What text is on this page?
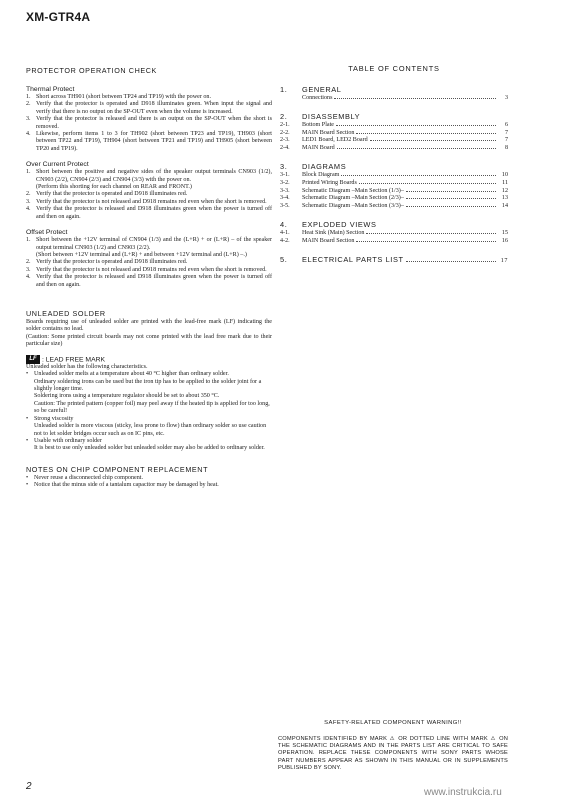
XM-GTR4A
PROTECTOR OPERATION CHECK
Thermal Protect
1. Short across TH901 (short between TP24 and TP19) with the power on.
2. Verify that the protector is operated and D918 illuminates green. When input the signal and verify that there is no output on the SP-OUT even when the volume is increased.
3. Verify that the protector is released and there is an output on the SP-OUT when the short is removed.
4. Likewise, perform items 1 to 3 for TH902 (short between TP23 and TP19), TH903 (short between TP22 and TP19), TH904 (short between TP21 and TP19) and TH905 (short between TP20 and TP19).
Over Current Protect
1. Short between the positive and negative sides of the speaker output terminals CN903 (1/2), CN903 (2/2), CN904 (2/3) and CN904 (3/3) with the power on.
(Perform this shorting for each channel on REAR and FRONT.)
2. Verify that the protector is operated and D918 illuminates red.
3. Verify that the protector is not released and D918 remains red even when the short is removed.
4. Verify that the protector is released and D918 illuminates green when the power is turned off and then on again.
Offset Protect
1. Short between the +12V terminal of CN904 (1/3) and the (L+R) + or (L+R) – of the speaker output terminal CN903 (1/2) and CN903 (2/2).
(Short between +12V terminal and (L+R) + and between +12V terminal and (L+R) –.)
2. Verify that the protector is operated and D918 illuminates red.
3. Verify that the protector is not released and D918 remains red even when the short is removed.
4. Verify that the protector is released and D918 illuminates green when the power is turned off and then on again.
UNLEADED SOLDER
Boards requiring use of unleaded solder are printed with the lead-free mark (LF) indicating the solder contains no lead.
(Caution: Some printed circuit boards may not come printed with the lead free mark due to their particular size)
LF : LEAD FREE MARK
Unleaded solder has the following characteristics.
• Unleaded solder melts at a temperature about 40 °C higher than ordinary solder.
Ordinary soldering irons can be used but the iron tip has to be applied to the solder joint for a slightly longer time.
Soldering irons using a temperature regulator should be set to about 350 °C.
Caution: The printed pattern (copper foil) may peel away if the heated tip is applied for too long, so be careful!
• Strong viscosity
Unleaded solder is more viscous (sticky, less prone to flow) than ordinary solder so use caution not to let solder bridges occur such as on IC pins, etc.
• Usable with ordinary solder
It is best to use only unleaded solder but unleaded solder may also be added to ordinary solder.
NOTES ON CHIP COMPONENT REPLACEMENT
• Never reuse a disconnected chip component.
• Notice that the minus side of a tantalum capacitor may be damaged by heat.
TABLE OF CONTENTS
1.	GENERAL
Connections	3
2.	DISASSEMBLY
2-1.	Bottom Plate	6
2-2.	MAIN Board Section	7
2-3.	LED1 Board, LED2 Board	7
2-4.	MAIN Board	8
3.	DIAGRAMS
3-1.	Block Diagram	10
3-2.	Printed Wiring Boards	11
3-3.	Schematic Diagram –Main Section (1/3)–	12
3-4.	Schematic Diagram –Main Section (2/3)–	13
3-5.	Schematic Diagram –Main Section (3/3)–	14
4.	EXPLODED VIEWS
4-1.	Heat Sink (Main) Section	15
4-2.	MAIN Board Section	16
5.	ELECTRICAL PARTS LIST	17
SAFETY-RELATED COMPONENT WARNING!!
COMPONENTS IDENTIFIED BY MARK ⚠ OR DOTTED LINE WITH MARK ⚠ ON THE SCHEMATIC DIAGRAMS AND IN THE PARTS LIST ARE CRITICAL TO SAFE OPERATION. REPLACE THESE COMPONENTS WITH SONY PARTS WHOSE PART NUMBERS APPEAR AS SHOWN IN THIS MANUAL OR IN SUPPLEMENTS PUBLISHED BY SONY.
2
www.instrukcia.ru
